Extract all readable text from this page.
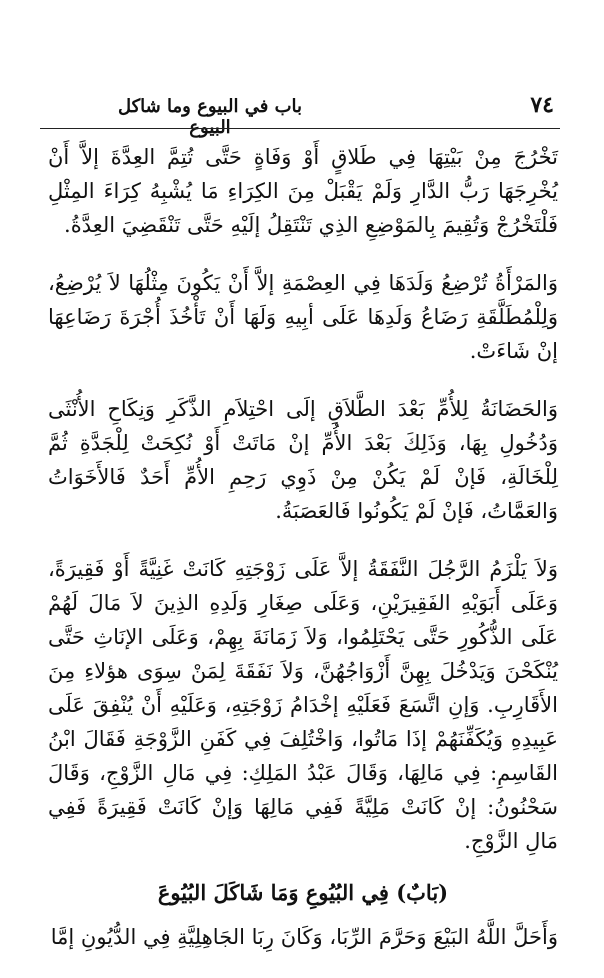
٧٤
باب في البيوع وما شاكل البيوع

تَخْرُجَ مِنْ بَيْتِهَا فِي طَلاقٍ أَوْ وَفَاةٍ حَتَّى تُتِمَّ العِدَّةَ إلاَّ أَنْ يُخْرِجَهَا رَبُّ الدَّارِ وَلَمْ يَقْبَلْ مِنَ الكِرَاءِ مَا يُشْبِهُ كِرَاءَ المِثْلِ فَلْتَخْرُجْ وَتُقِيمَ بِالمَوْضِعِ الذِي تَنْتَقِلُ إلَيْهِ حَتَّى تَنْقَضِيَ العِدَّةُ.

وَالمَرْأَةُ تُرْضِعُ وَلَدَهَا فِي العِصْمَةِ إلاَّ أَنْ يَكُونَ مِثْلُهَا لاَ يُرْضِعُ، وَلِلْمُطَلَّقَةِ رَضَاعُ وَلَدِهَا عَلَى أبِيهِ وَلَهَا أَنْ تَأْخُذَ أُجْرَةَ رَضَاعِهَا إنْ شَاءَتْ.

وَالحَضَانَةُ لِلأُمِّ بَعْدَ الطَّلاَقِ إلَى احْتِلاَمِ الذَّكَرِ وَنِكَاحِ الأُنْثَى وَدُخُولِ بِهَا، وَذَلِكَ بَعْدَ الأُمِّ إنْ مَاتَتْ أَوْ نُكِحَتْ لِلْجَدَّةِ ثُمَّ لِلْخَالَةِ، فَإنْ لَمْ يَكُنْ مِنْ ذَوِي رَحِمِ الأُمِّ أَحَدٌ فَالأَخَوَاتُ وَالعَمَّاتُ، فَإنْ لَمْ يَكُونُوا فَالعَصَبَةُ.

وَلاَ يَلْزَمُ الرَّجُلَ النَّفَقَةُ إلاَّ عَلَى زَوْجَتِهِ كَانَتْ غَنِيَّةً أَوْ فَقِيرَةً، وَعَلَى أَبَوَيْهِ الفَقِيرَيْنِ، وَعَلَى صِغَارِ وَلَدِهِ الذِينَ لاَ مَالَ لَهُمْ عَلَى الذُّكُورِ حَتَّى يَحْتَلِمُوا، وَلاَ زَمَانَةَ بِهِمْ، وَعَلَى الإنَاثِ حَتَّى يُنْكَحْنَ وَيَدْخُلَ بِهِنَّ أَزْوَاجُهُنَّ، وَلاَ نَفَقَةَ لِمَنْ سِوَى هؤلاءِ مِنَ الأَقَارِبِ. وَإنِ اتَّسَعَ فَعَلَيْهِ إخْدَامُ زَوْجَتِهِ، وَعَلَيْهِ أَنْ يُنْفِقَ عَلَى عَبِيدِهِ وَيُكَفِّنَهُمْ إذَا مَاتُوا، وَاخْتُلِفَ فِي كَفَنِ الزَّوْجَةِ فَقَالَ ابْنُ القَاسِمِ: فِي مَالِهَا، وَقَالَ عَبْدُ المَلِكِ: فِي مَالِ الزَّوْجِ، وَقَالَ سَحْنُونُ: إنْ كَانَتْ مَلِيَّةً فَفِي مَالِهَا وَإنْ كَانَتْ فَقِيرَةً فَفِي مَالِ الزَّوْجِ.

(بَابٌ) فِي البُيُوعِ وَمَا شَاكَلَ البُيُوعَ

وَأَحَلَّ اللَّهُ البَيْعَ وَحَرَّمَ الرِّبَا، وَكَانَ رِبَا الجَاهِلِيَّةِ فِي الدُّيُونِ إمَّا
